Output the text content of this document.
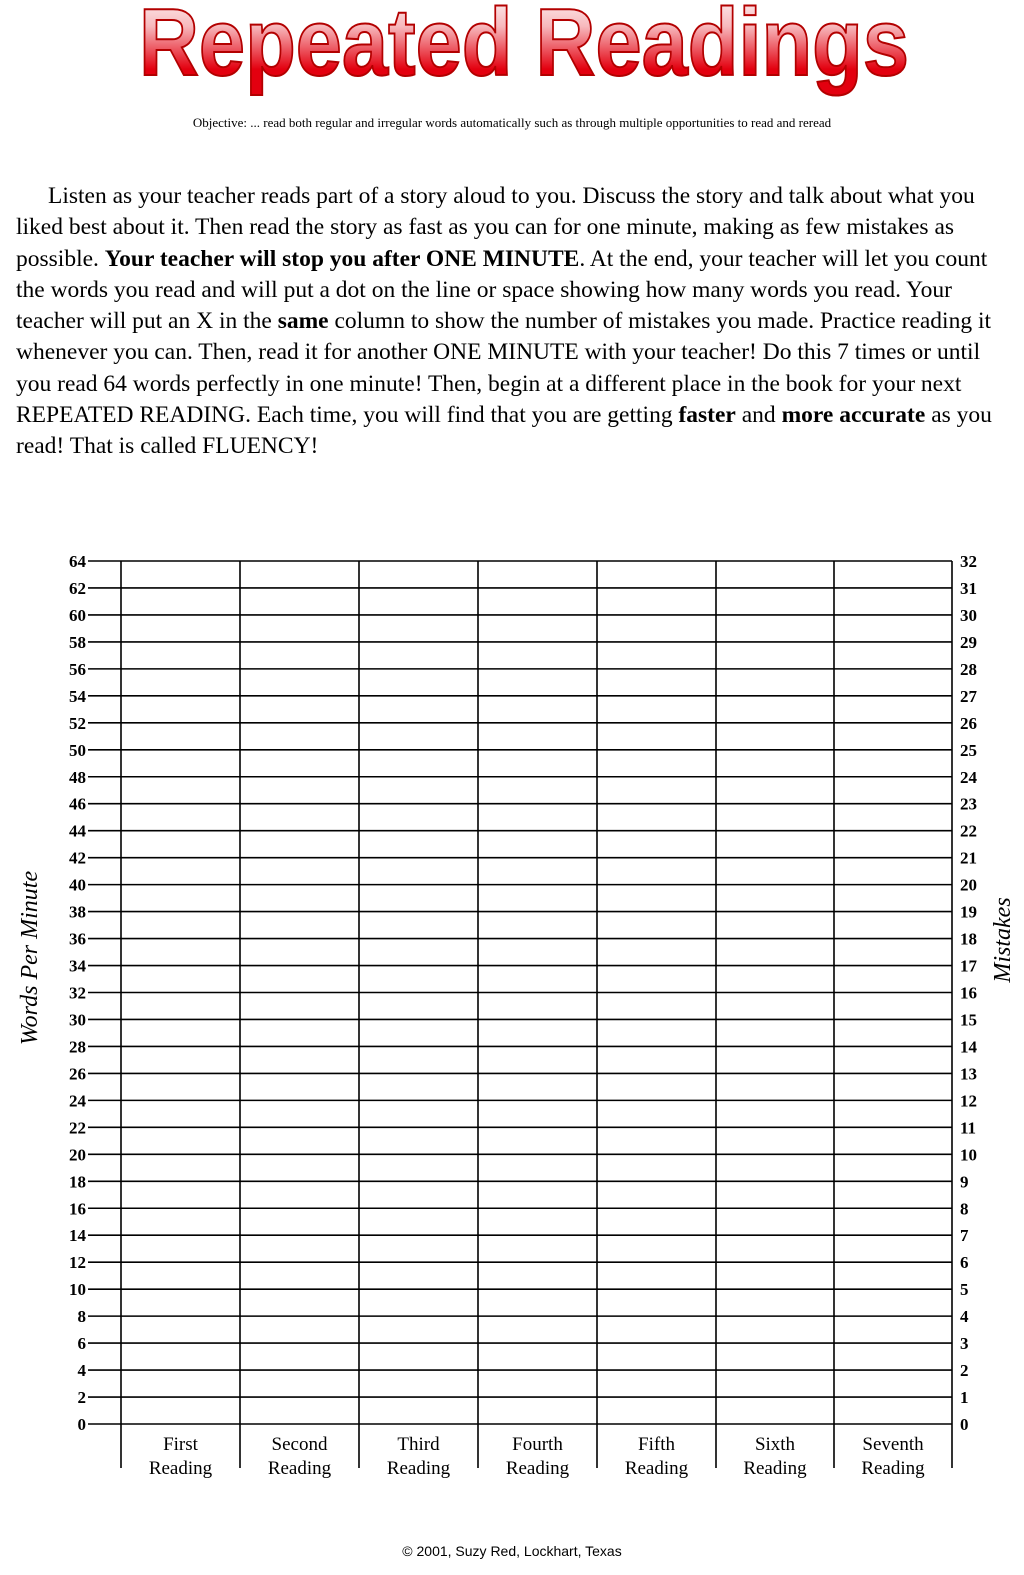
Repeated Readings
Objective: ... read both regular and irregular words automatically such as through multiple opportunities to read and reread

Listen as your teacher reads part of a story aloud to you. Discuss the story and talk about what you liked best about it. Then read the story as fast as you can for one minute, making as few mistakes as possible. Your teacher will stop you after ONE MINUTE. At the end, your teacher will let you count the words you read and will put a dot on the line or space showing how many words you read. Your teacher will put an X in the same column to show the number of mistakes you made. Practice reading it whenever you can. Then, read it for another ONE MINUTE with your teacher! Do this 7 times or until you read 64 words perfectly in one minute! Then, begin at a different place in the book for your next REPEATED READING. Each time, you will find that you are getting faster and more accurate as you read! That is called FLUENCY!

64
62
60
58
56
54
52
50
48
46
44
42
40
38
36
34
32
30
28
26
24
22
20
18
16
14
12
10
8
6
4
2
0
32
31
30
29
28
27
26
25
24
23
22
21
20
19
18
17
16
15
14
13
12
11
10
9
8
7
6
5
4
3
2
1
0
First
Reading
Second
Reading
Third
Reading
Fourth
Reading
Fifth
Reading
Sixth
Reading
Seventh
Reading
Words Per Minute	Mistakes
© 2001, Suzy Red, Lockhart, Texas
